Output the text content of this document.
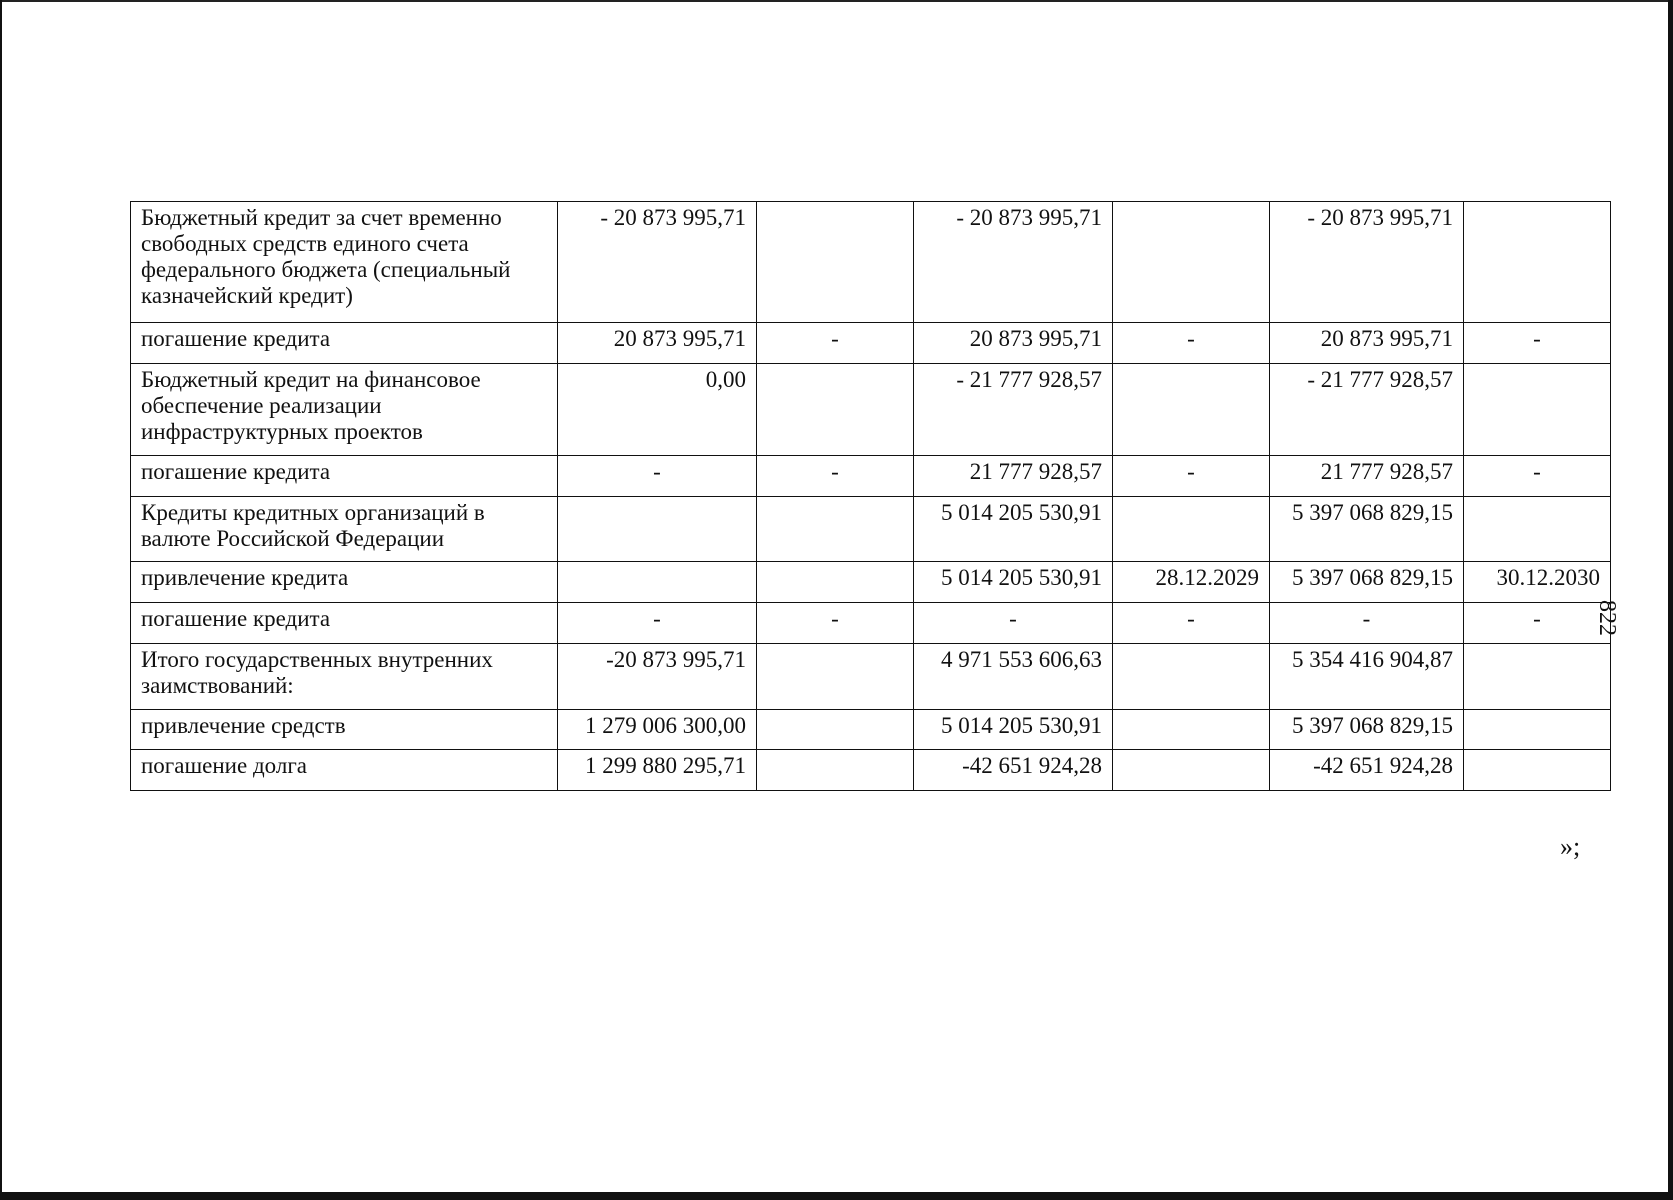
Бюджетный кредит за счет временно свободных средств единого счета федерального бюджета (специальный казначейский кредит)	- 20 873 995,71		- 20 873 995,71		- 20 873 995,71	
погашение кредита	20 873 995,71	-	20 873 995,71	-	20 873 995,71	-
Бюджетный кредит на финансовое обеспечение реализации инфраструктурных проектов	0,00		- 21 777 928,57		- 21 777 928,57	
погашение кредита	-	-	21 777 928,57	-	21 777 928,57	-
Кредиты кредитных организаций в валюте Российской Федерации			5 014 205 530,91		5 397 068 829,15	
привлечение кредита			5 014 205 530,91	28.12.2029	5 397 068 829,15	30.12.2030
погашение кредита	-	-	-	-	-	-
Итого государственных внутренних заимствований:	-20 873 995,71		4 971 553 606,63		5 354 416 904,87	
привлечение средств	1 279 006 300,00		5 014 205 530,91		5 397 068 829,15	
погашение долга	1 299 880 295,71		-42 651 924,28		-42 651 924,28	
822
»;
